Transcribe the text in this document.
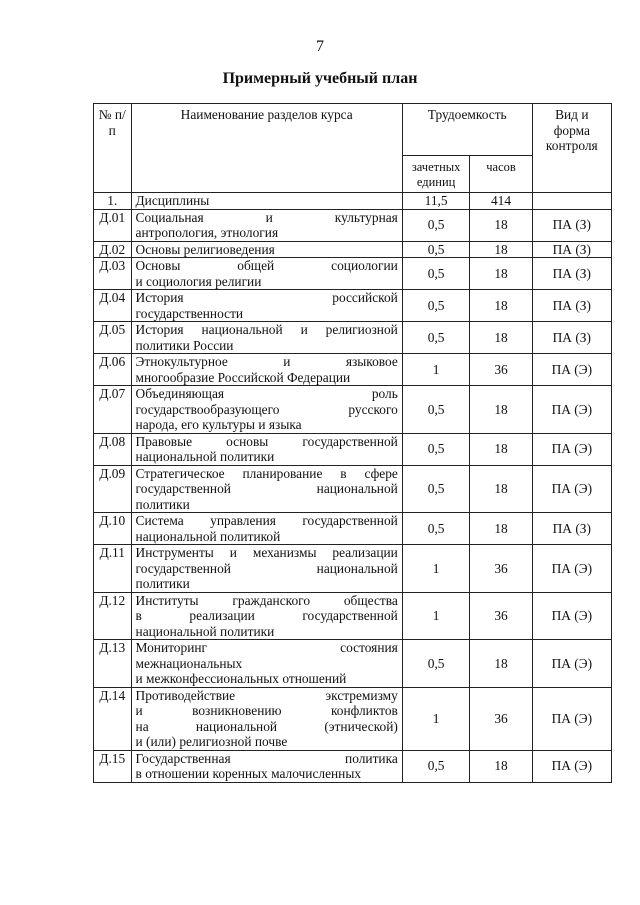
7
Примерный учебный план
№ п/п	Наименование разделов курса	Трудоемкость		Вид и форма контроля
		зачетных единиц	часов	
1.	Дисциплины	11,5	414	
Д.01	Социальная и культурная
антропология, этнология	0,5	18	ПА (З)
Д.02	Основы религиоведения	0,5	18	ПА (З)
Д.03	Основы общей социологии
и социология религии	0,5	18	ПА (З)
Д.04	История российской
государственности	0,5	18	ПА (З)
Д.05	История национальной и религиозной
политики России	0,5	18	ПА (З)
Д.06	Этнокультурное и языковое
многообразие Российской Федерации	1	36	ПА (Э)
Д.07	Объединяющая роль
государствообразующего русского
народа, его культуры и языка	0,5	18	ПА (Э)
Д.08	Правовые основы государственной
национальной политики	0,5	18	ПА (Э)
Д.09	Стратегическое планирование в сфере
государственной национальной
политики	0,5	18	ПА (Э)
Д.10	Система управления государственной
национальной политикой	0,5	18	ПА (З)
Д.11	Инструменты и механизмы реализации
государственной национальной
политики	1	36	ПА (Э)
Д.12	Институты гражданского общества
в реализации государственной
национальной политики	1	36	ПА (Э)
Д.13	Мониторинг состояния
межнациональных
и межконфессиональных отношений	0,5	18	ПА (Э)
Д.14	Противодействие экстремизму
и возникновению конфликтов
на национальной (этнической)
и (или) религиозной почве	1	36	ПА (Э)
Д.15	Государственная политика
в отношении коренных малочисленных	0,5	18	ПА (Э)
